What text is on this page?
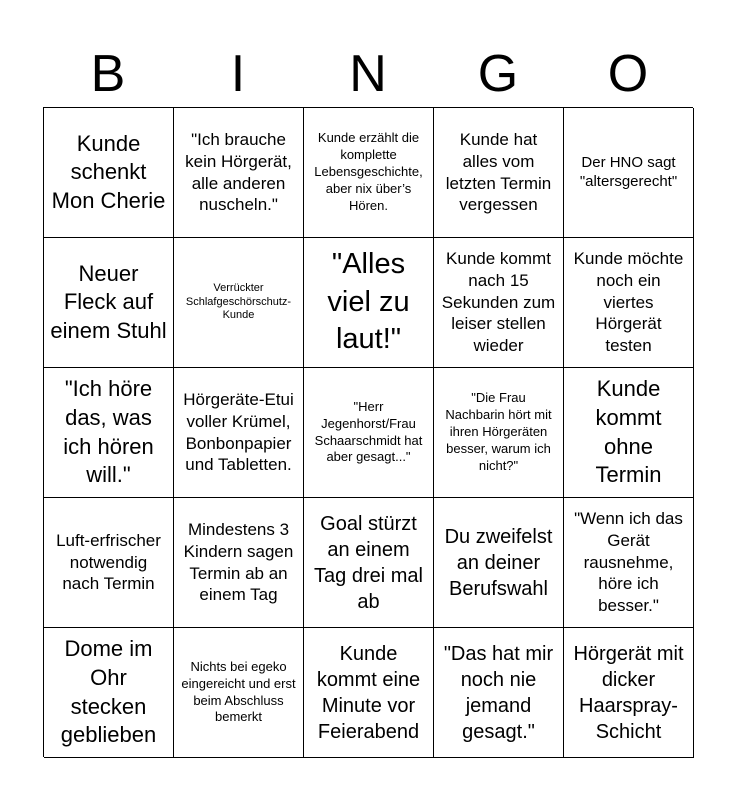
B	I	N	G	O
Kunde schenkt Mon Cherie
"Ich brauche kein Hörgerät, alle anderen nuscheln."
Kunde erzählt die komplette Lebensgeschichte, aber nix über’s Hören.
Kunde hat alles vom letzten Termin vergessen
Der HNO sagt "altersgerecht"
Neuer Fleck auf einem Stuhl
Verrückter Schlafgeschörschutz-Kunde
"Alles viel zu laut!"
Kunde kommt nach 15 Sekunden zum leiser stellen wieder
Kunde möchte noch ein viertes Hörgerät testen
"Ich höre das, was ich hören will."
Hörgeräte-Etui voller Krümel, Bonbonpapier und Tabletten.
"Herr Jegenhorst/Frau Schaarschmidt hat aber gesagt..."
"Die Frau Nachbarin hört mit ihren Hörgeräten besser, warum ich nicht?"
Kunde kommt ohne Termin
Luft-erfrischer notwendig nach Termin
Mindestens 3 Kindern sagen Termin ab an einem Tag
Goal stürzt an einem Tag drei mal ab
Du zweifelst an deiner Berufswahl
"Wenn ich das Gerät rausnehme, höre ich besser."
Dome im Ohr stecken geblieben
Nichts bei egeko eingereicht und erst beim Abschluss bemerkt
Kunde kommt eine Minute vor Feierabend
"Das hat mir noch nie jemand gesagt."
Hörgerät mit dicker Haarspray-Schicht
